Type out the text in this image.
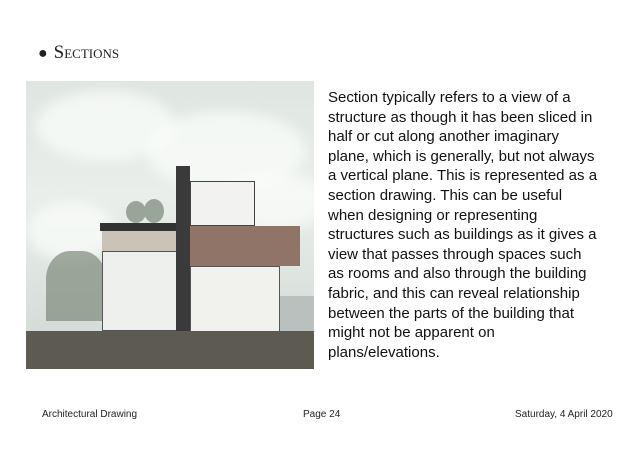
● Sections
Section typically refers to a view of a structure as though it has been sliced in half or cut along another imaginary plane, which is generally, but not always a vertical plane. This is represented as a section drawing. This can be useful when designing or representing structures such as buildings as it gives a view that passes through spaces such as rooms and also through the building fabric, and this can reveal relationship between the parts of the building that might not be apparent on plans/elevations.
Architectural Drawing	Page 24	Saturday, 4 April 2020
